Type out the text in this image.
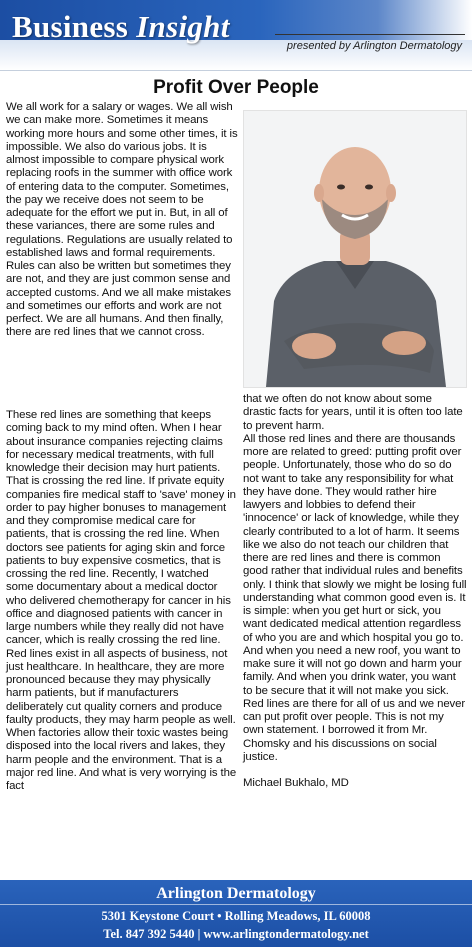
Business Insight
presented by Arlington Dermatology
Profit Over People

We all work for a salary or wages. We all wish we can make more. Sometimes it means working more hours and some other times, it is impossible. We also do various jobs. It is almost impossible to compare physical work replacing roofs in the summer with office work of entering data to the computer. Sometimes, the pay we receive does not seem to be adequate for the effort we put in. But, in all of these variances, there are some rules and regulations. Regulations are usually related to established laws and formal requirements. Rules can also be written but sometimes they are not, and they are just common sense and accepted customs. And we all make mistakes and sometimes our efforts and work are not perfect. We are all humans. And then finally, there are red lines that we cannot cross.

These red lines are something that keeps coming back to my mind often. When I hear about insurance companies rejecting claims for necessary medical treatments, with full knowledge their decision may hurt patients. That is crossing the red line. If private equity companies fire medical staff to 'save' money in order to pay higher bonuses to management and they compromise medical care for patients, that is crossing the red line. When doctors see patients for aging skin and force patients to buy expensive cosmetics, that is crossing the red line. Recently, I watched some documentary about a medical doctor who delivered chemotherapy for cancer in his office and diagnosed patients with cancer in large numbers while they really did not have cancer, which is really crossing the red line.

Red lines exist in all aspects of business, not just healthcare. In healthcare, they are more pronounced because they may physically harm patients, but if manufacturers deliberately cut quality corners and produce faulty products, they may harm people as well. When factories allow their toxic wastes being disposed into the local rivers and lakes, they harm people and the environment. That is a major red line. And what is very worrying is the fact

that we often do not know about some drastic facts for years, until it is often too late to prevent harm.

All those red lines and there are thousands more are related to greed: putting profit over people. Unfortunately, those who do so do not want to take any responsibility for what they have done. They would rather hire lawyers and lobbies to defend their 'innocence' or lack of knowledge, while they clearly contributed to a lot of harm. It seems like we also do not teach our children that there are red lines and there is common good rather that individual rules and benefits only. I think that slowly we might be losing full understanding what common good even is. It is simple: when you get hurt or sick, you want dedicated medical attention regardless of who you are and which hospital you go to. And when you need a new roof, you want to make sure it will not go down and harm your family. And when you drink water, you want to be secure that it will not make you sick.

Red lines are there for all of us and we never can put profit over people. This is not my own statement. I borrowed it from Mr. Chomsky and his discussions on social justice.

Michael Bukhalo, MD

Arlington Dermatology
5301 Keystone Court • Rolling Meadows, IL 60008
Tel. 847 392 5440 | www.arlingtondermatology.net
